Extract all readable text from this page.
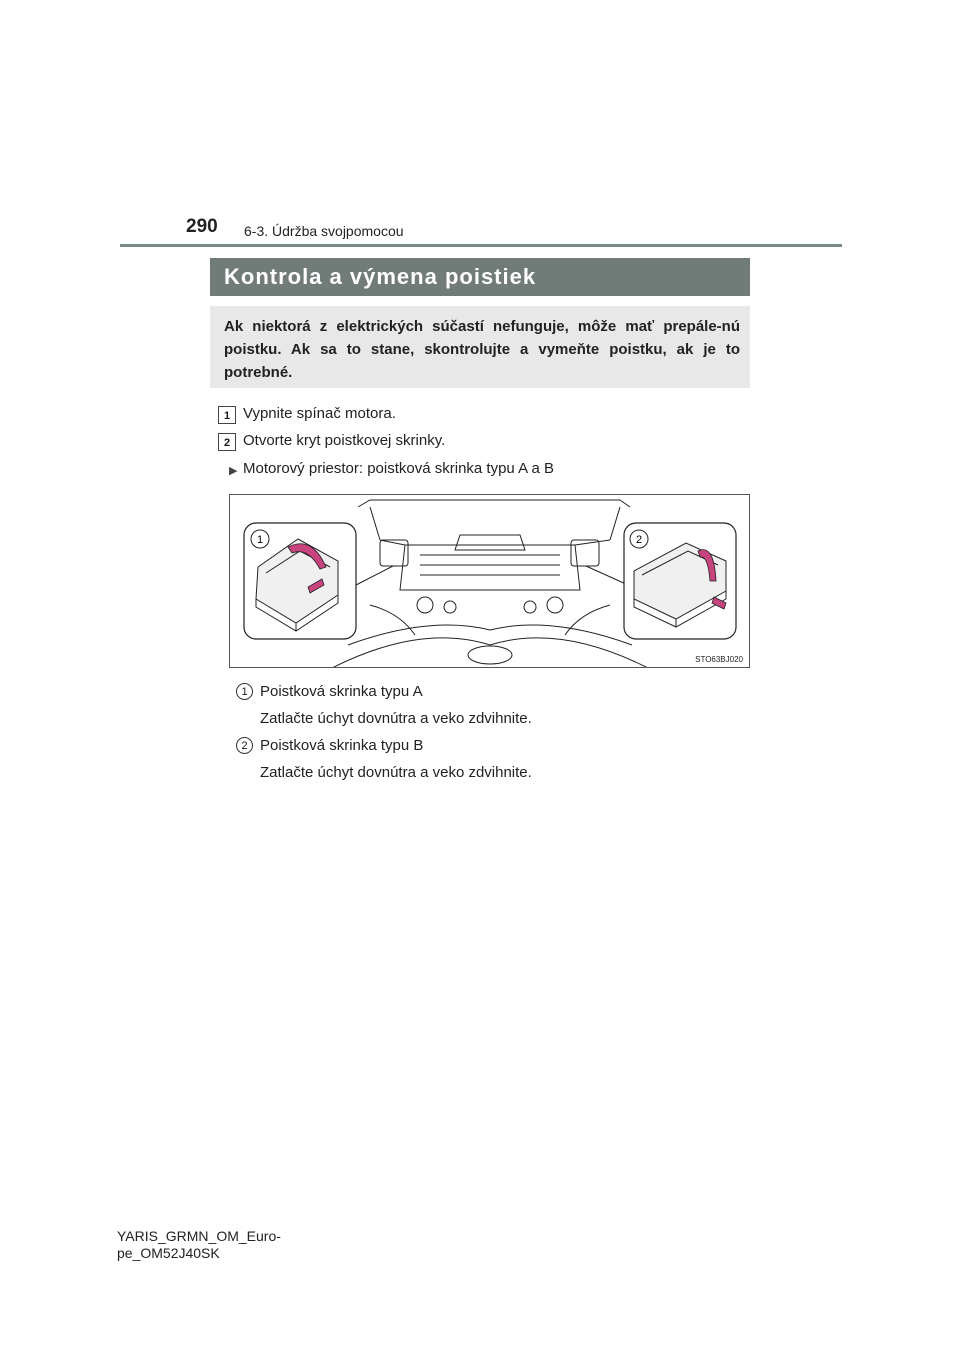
290 6-3. Údržba svojpomocou
Kontrola a výmena poistiek
Ak niektorá z elektrických súčastí nefunguje, môže mať prepále-nú poistku. Ak sa to stane, skontrolujte a vymeňte poistku, ak je to potrebné.
1 Vypnite spínač motora.
2 Otvorte kryt poistkovej skrinky.
▶ Motorový priestor: poistková skrinka typu A a B
1	2
STO63BJ020
1 Poistková skrinka typu A
Zatlačte úchyt dovnútra a veko zdvihnite.
2 Poistková skrinka typu B
Zatlačte úchyt dovnútra a veko zdvihnite.
YARIS_GRMN_OM_Euro-
pe_OM52J40SK
